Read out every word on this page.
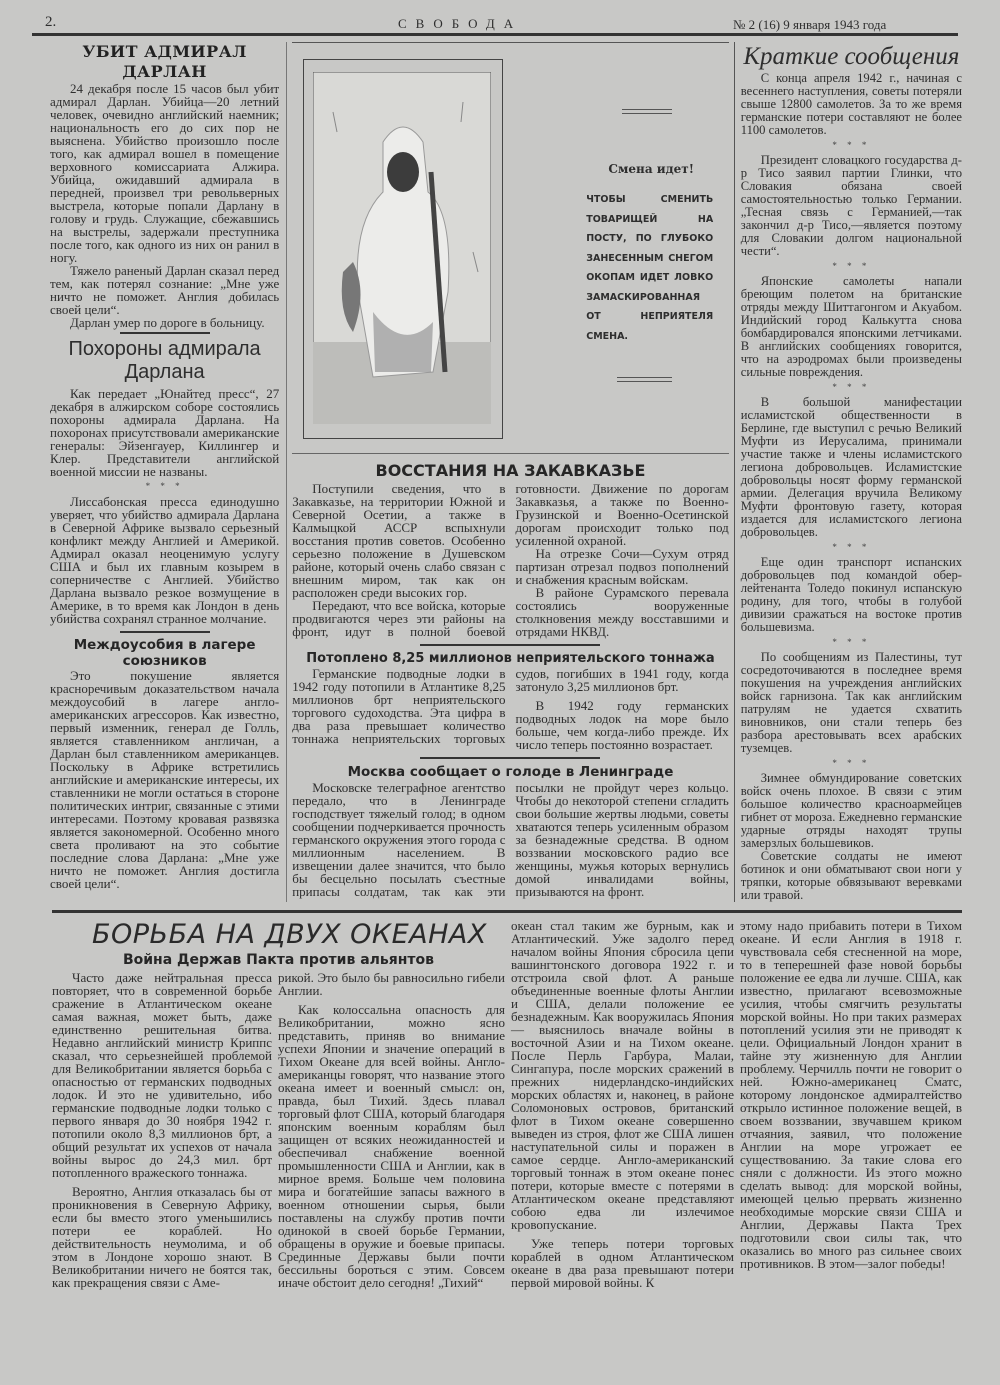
2.	СВОБОДА	№ 2 (16) 9 января 1943 года
УБИТ АДМИРАЛ ДАРЛАН

24 декабря после 15 часов был убит адмирал Дарлан. Убийца—20 летний человек, очевидно английский наемник; национальность его до сих пор не выяснена. Убийство произошло после того, как адмирал вошел в помещение верховного комиссариата Алжира. Убийца, ожидавший адмирала в передней, произвел три револьверных выстрела, которые попали Дарлану в голову и грудь. Служащие, сбежавшись на выстрелы, задержали преступника после того, как одного из них он ранил в ногу.

Тяжело раненый Дарлан сказал перед тем, как потерял сознание: „Мне уже ничто не поможет. Англия добилась своей цели“.

Дарлан умер по дороге в больницу.

Похороны адмирала Дарлана

Как передает „Юнайтед пресс“, 27 декабря в алжирском соборе состоялись похороны адмирала Дарлана. На похоронах присутствовали американские генералы: Эйзенгауер, Киллингер и Клер. Представители английской военной миссии не названы.

* * *

Лиссабонская пресса единодушно уверяет, что убийство адмирала Дарлана в Северной Африке вызвало серьезный конфликт между Англией и Америкой. Адмирал оказал неоценимую услугу США и был их главным козырем в соперничестве с Англией. Убийство Дарлана вызвало резкое возмущение в Америке, в то время как Лондон в день убийства сохранял странное молчание.

Междоусобия в лагере союзников

Это покушение является красноречивым доказательством начала междоусобий в лагере англо-американских агрессоров. Как известно, первый изменник, генерал де Голль, является ставленником англичан, а Дарлан был ставленником американцев. Поскольку в Африке встретились английские и американские интересы, их ставленники не могли остаться в стороне политических интриг, связанные с этими интересами. Поэтому кровавая развязка является закономерной. Особенно много света проливают на это событие последние слова Дарлана: „Мне уже ничто не поможет. Англия достигла своей цели“.

Смена идет!
ЧТОБЫ СМЕНИТЬ ТОВАРИЩЕЙ НА ПОСТУ, ПО ГЛУБОКО ЗАНЕСЕННЫМ СНЕГОМ ОКОПАМ ИДЕТ ЛОВКО ЗАМАСКИРОВАННАЯ ОТ НЕПРИЯТЕЛЯ СМЕНА.
ВОССТАНИЯ НА ЗАКАВКАЗЬЕ

Поступили сведения, что в Закавказье, на территории Южной и Северной Осетии, а также в Калмыцкой АССР вспыхнули восстания против советов. Особенно серьезно положение в Душевском районе, который очень слабо связан с внешним миром, так как он расположен среди высоких гор.

Передают, что все войска, которые продвигаются через эти районы на фронт, идут в полной боевой готовности. Движение по дорогам Закавказья, а также по Военно-Грузинской и Военно-Осетинской дорогам происходит только под усиленной охраной.

На отрезке Сочи—Сухум отряд партизан отрезал подвоз пополнений и снабжения красным войскам.

В районе Сурамского перевала состоялись вооруженные столкновения между восставшими и отрядами НКВД.

Потоплено 8,25 миллионов неприятельского тоннажа

Германские подводные лодки в 1942 году потопили в Атлантике 8,25 миллионов брт неприятельского торгового судоходства. Эта цифра в два раза превышает количество тоннажа неприятельских торговых судов, погибших в 1941 году, когда затонуло 3,25 миллионов брт.

В 1942 году германских подводных лодок на море было больше, чем когда-либо прежде. Их число теперь постоянно возрастает.

Москва сообщает о голоде в Ленинграде

Московске телеграфное агентство передало, что в Ленинграде господствует тяжелый голод; в одном сообщении подчеркивается прочность германского окружения этого города с миллионным населением. В извещении далее значится, что было бы бесцельно посылать съестные припасы солдатам, так как эти посылки не пройдут через кольцо. Чтобы до некоторой степени сгладить свои большие жертвы людьми, советы хватаются теперь усиленным образом за безнадежные средства. В одном воззвании московского радио все женщины, мужья которых вернулись домой инвалидами войны, призываются на фронт.

Краткие сообщения

С конца апреля 1942 г., начиная с весеннего наступления, советы потеряли свыше 12800 самолетов. За то же время германские потери составляют не более 1100 самолетов.

* * *

Президент словацкого государства д-р Тисо заявил партии Глинки, что Словакия обязана своей самостоятельностью только Германии. „Тесная связь с Германией,—так закончил д-р Тисо,—является поэтому для Словакии долгом национальной чести“.

* * *

Японские самолеты напали бреющим полетом на британские отряды между Шиттагонгом и Акуабом. Индийский город Калькутта снова бомбардировался японскими летчиками. В английских сообщениях говорится, что на аэродромах были произведены сильные повреждения.

* * *

В большой манифестации исламистской общественности в Берлине, где выступил с речью Великий Муфти из Иерусалима, принимали участие также и члены исламистского легиона добровольцев. Исламистские добровольцы носят форму германской армии. Делегация вручила Великому Муфти фронтовую газету, которая издается для исламистского легиона добровольцев.

* * *

Еще один транспорт испанских добровольцев под командой обер-лейтенанта Толедо покинул испанскую родину, для того, чтобы в голубой дивизии сражаться на востоке против большевизма.

* * *

По сообщениям из Палестины, тут сосредоточиваются в последнее время покушения на учреждения английских войск гарнизона. Так как английским патрулям не удается схватить виновников, они стали теперь без разбора арестовывать всех арабских туземцев.

* * *

Зимнее обмундирование советских войск очень плохое. В связи с этим большое количество красноармейцев гибнет от мороза. Ежедневно германские ударные отряды находят трупы замерзлых большевиков.

Советские солдаты не имеют ботинок и они обматывают свои ноги у тряпки, которые обвязывают веревками или травой.

БОРЬБА НА ДВУХ ОКЕАНАХ
Война Держав Пакта против альянтов

Часто даже нейтральная пресса повторяет, что в современной борьбе сражение в Атлантическом океане самая важная, может быть, даже единственно решительная битва. Недавно английский министр Криппс сказал, что серьезнейшей проблемой для Великобритании является борьба с опасностью от германских подводных лодок. И это не удивительно, ибо германские подводные лодки только с первого января до 30 ноября 1942 г. потопили около 8,3 миллионов брт, а общий результат их успехов от начала войны вырос до 24,3 мил. брт потопленного вражеского тоннажа.

Вероятно, Англия отказалась бы от проникновения в Северную Африку, если бы вместо этого уменьшились потери ее кораблей. Но действительность неумолима, и об этом в Лондоне хорошо знают. В Великобритании ничего не боятся так, как прекращения связи с Аме-

рикой. Это было бы равносильно гибели Англии.

Как колоссальна опасность для Великобритании, можно ясно представить, приняв во внимание успехи Японии и значение операций в Тихом Океане для всей войны. Англо-американцы говорят, что название этого океана имеет и военный смысл: он, правда, был Тихий. Здесь плавал торговый флот США, который благодаря японским военным кораблям был защищен от всяких неожиданностей и обеспечивал снабжение военной промышленности США и Англии, как в мирное время. Больше чем половина мира и богатейшие запасы важного в военном отношении сырья, были поставлены на службу против почти одинокой в своей борьбе Германии, обращены в оружие и боевые припасы. Срединные Державы были почти бессильны бороться с этим. Совсем иначе обстоит дело сегодня! „Тихий“

океан стал таким же бурным, как и Атлантический. Уже задолго перед началом войны Япония сбросила цепи вашингтонского договора 1922 г. и отстроила свой флот. А раньше объединенные военные флоты Англии и США, делали положение ее безнадежным. Как вооружилась Япония — выяснилось вначале войны в восточной Азии и на Тихом океане. После Перль Гарбура, Малаи, Сингапура, после морских сражений в прежних нидерландско-индийских морских областях и, наконец, в районе Соломоновых островов, британский флот в Тихом океане совершенно выведен из строя, флот же США лишен наступательной силы и поражен в самое сердце. Англо-американский торговый тоннаж в этом океане понес потери, которые вместе с потерями в Атлантическом океане представляют собою едва ли излечимое кровопускание.

Уже теперь потери торговых кораблей в одном Атлантическом океане в два раза превышают потери первой мировой войны. К

этому надо прибавить потери в Тихом океане. И если Англия в 1918 г. чувствовала себя стесненной на море, то в теперешней фазе новой борьбы положение ее едва ли лучше. США, как известно, прилагают всевозможные усилия, чтобы смягчить результаты морской войны. Но при таких размерах потоплений усилия эти не приводят к цели. Официальный Лондон хранит в тайне эту жизненную для Англии проблему. Черчилль почти не говорит о ней. Южно-американец Сматс, которому лондонское адмиралтейство открыло истинное положение вещей, в своем воззвании, звучавшем криком отчаяния, заявил, что положение Англии на море угрожает ее существованию. За такие слова его сняли с должности. Из этого можно сделать вывод: для морской войны, имеющей целью прервать жизненно необходимые морские связи США и Англии, Державы Пакта Трех подготовили свои силы так, что оказались во много раз сильнее своих противников. В этом—залог победы!
